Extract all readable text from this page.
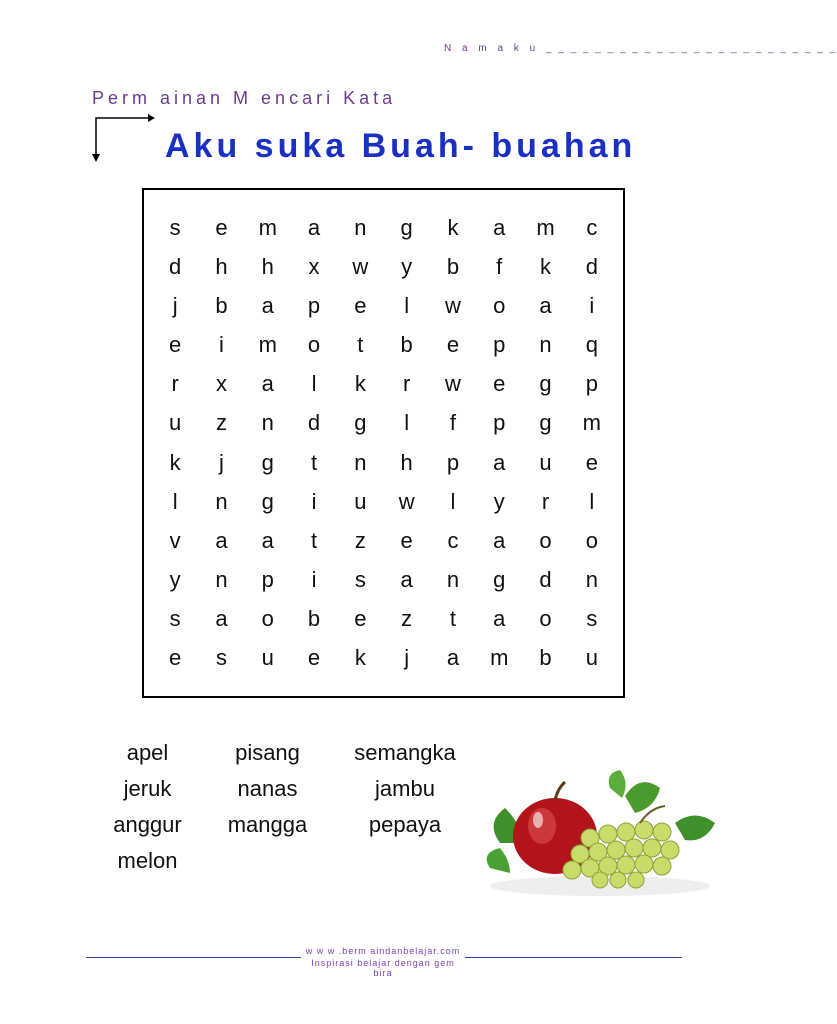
N a m a k u _ _ _ _ _ _ _ _ _ _ _ _ _ _ _ _ _ _ _ _ _ _ _ _
Perm ainan M encari Kata
Aku suka Buah- buahan
s	e	m	a	n	g	k	a	m	c
d	h	h	x	w	y	b	f	k	d
j	b	a	p	e	l	w	o	a	i
e	i	m	o	t	b	e	p	n	q
r	x	a	l	k	r	w	e	g	p
u	z	n	d	g	l	f	p	g	m
k	j	g	t	n	h	p	a	u	e
l	n	g	i	u	w	l	y	r	l
v	a	a	t	z	e	c	a	o	o
y	n	p	i	s	a	n	g	d	n
s	a	o	b	e	z	t	a	o	s
e	s	u	e	k	j	a	m	b	u
apel
jeruk
anggur
melon
pisang
nanas
mangga
semangka
jambu
pepaya
w w w .berm aindanbelajar.com
Inspirasi belajar dengan gem bira
